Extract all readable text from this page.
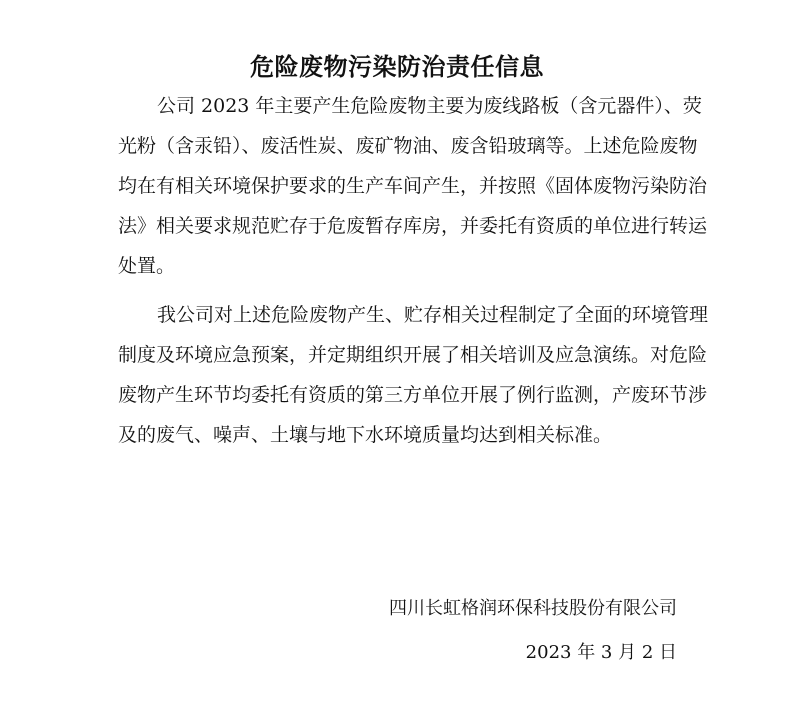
危险废物污染防治责任信息
公司 2023 年主要产生危险废物主要为废线路板（含元器件）、荧
光粉（含汞铅）、废活性炭、废矿物油、废含铅玻璃等。上述危险废物
均在有相关环境保护要求的生产车间产生，并按照《固体废物污染防治
法》相关要求规范贮存于危废暂存库房，并委托有资质的单位进行转运
处置。
我公司对上述危险废物产生、贮存相关过程制定了全面的环境管理
制度及环境应急预案，并定期组织开展了相关培训及应急演练。对危险
废物产生环节均委托有资质的第三方单位开展了例行监测，产废环节涉
及的废气、噪声、土壤与地下水环境质量均达到相关标准。
四川长虹格润环保科技股份有限公司
2023 年 3 月 2 日
